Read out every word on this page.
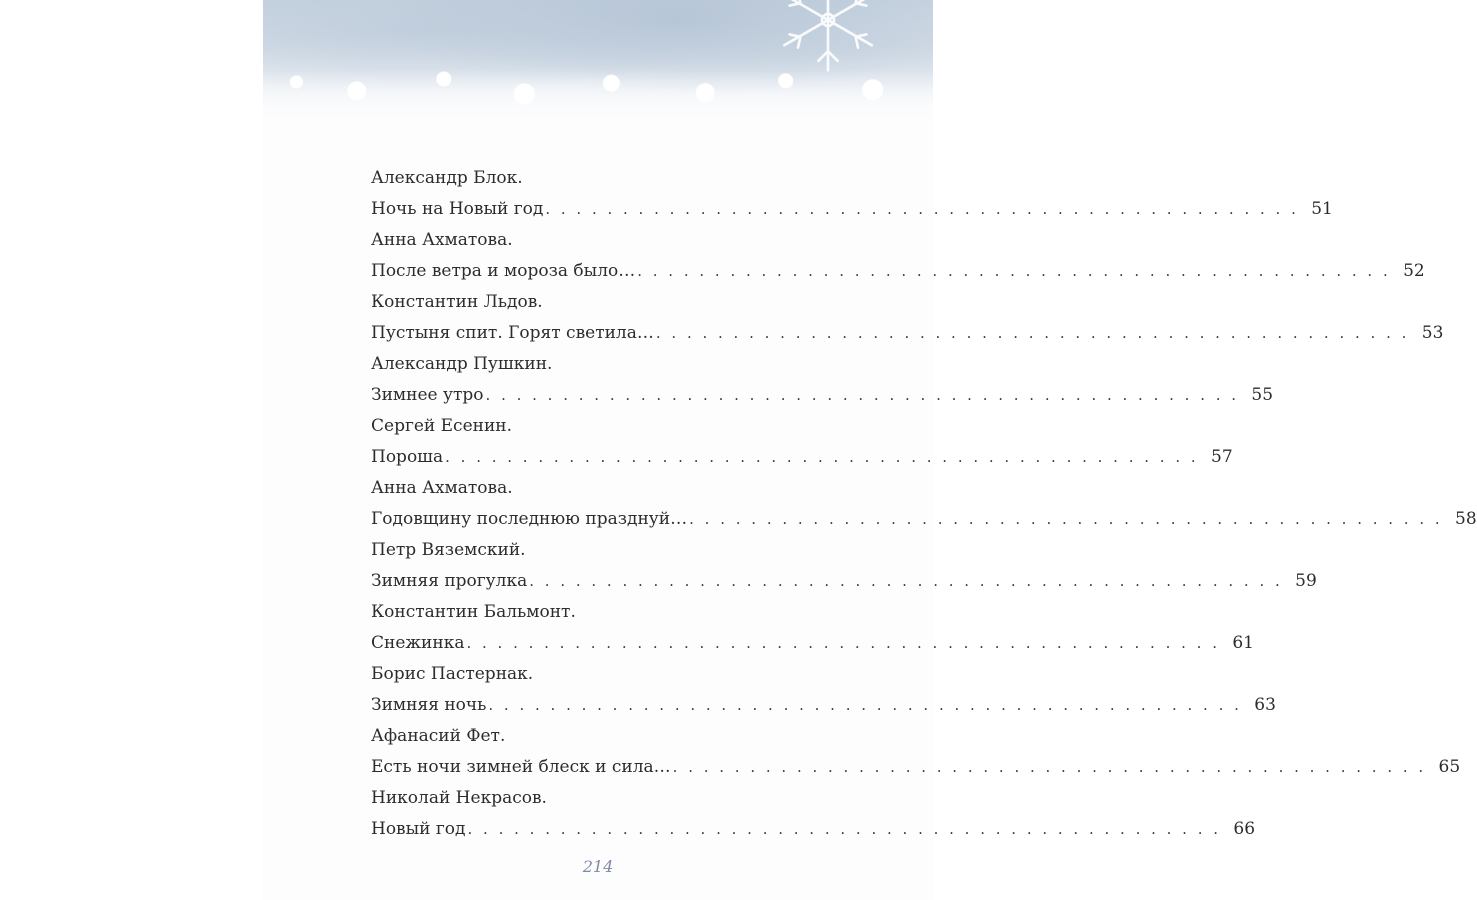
Александр Блок.
Ночь на Новый год . . . . . . . . . . . . . . . . . . . . . . . . . . . . . . . . . . . . . . . . . . . . . . . . . 51
Анна Ахматова.
После ветра и мороза было… . . . . . . . . . . . . . . . . . . . . . . . . . . . . . . . . . . . . . . . . . . . . . . . . . 52
Константин Льдов.
Пустыня спит. Горят светила… . . . . . . . . . . . . . . . . . . . . . . . . . . . . . . . . . . . . . . . . . . . . . . . . . 53
Александр Пушкин.
Зимнее утро . . . . . . . . . . . . . . . . . . . . . . . . . . . . . . . . . . . . . . . . . . . . . . . . . 55
Сергей Есенин.
Пороша . . . . . . . . . . . . . . . . . . . . . . . . . . . . . . . . . . . . . . . . . . . . . . . . . 57
Анна Ахматова.
Годовщину последнюю празднуй… . . . . . . . . . . . . . . . . . . . . . . . . . . . . . . . . . . . . . . . . . . . . . . . . . 58
Петр Вяземский.
Зимняя прогулка . . . . . . . . . . . . . . . . . . . . . . . . . . . . . . . . . . . . . . . . . . . . . . . . . 59
Константин Бальмонт.
Снежинка . . . . . . . . . . . . . . . . . . . . . . . . . . . . . . . . . . . . . . . . . . . . . . . . . 61
Борис Пастернак.
Зимняя ночь . . . . . . . . . . . . . . . . . . . . . . . . . . . . . . . . . . . . . . . . . . . . . . . . . 63
Афанасий Фет.
Есть ночи зимней блеск и сила… . . . . . . . . . . . . . . . . . . . . . . . . . . . . . . . . . . . . . . . . . . . . . . . . . 65
Николай Некрасов.
Новый год . . . . . . . . . . . . . . . . . . . . . . . . . . . . . . . . . . . . . . . . . . . . . . . . . 66
214
